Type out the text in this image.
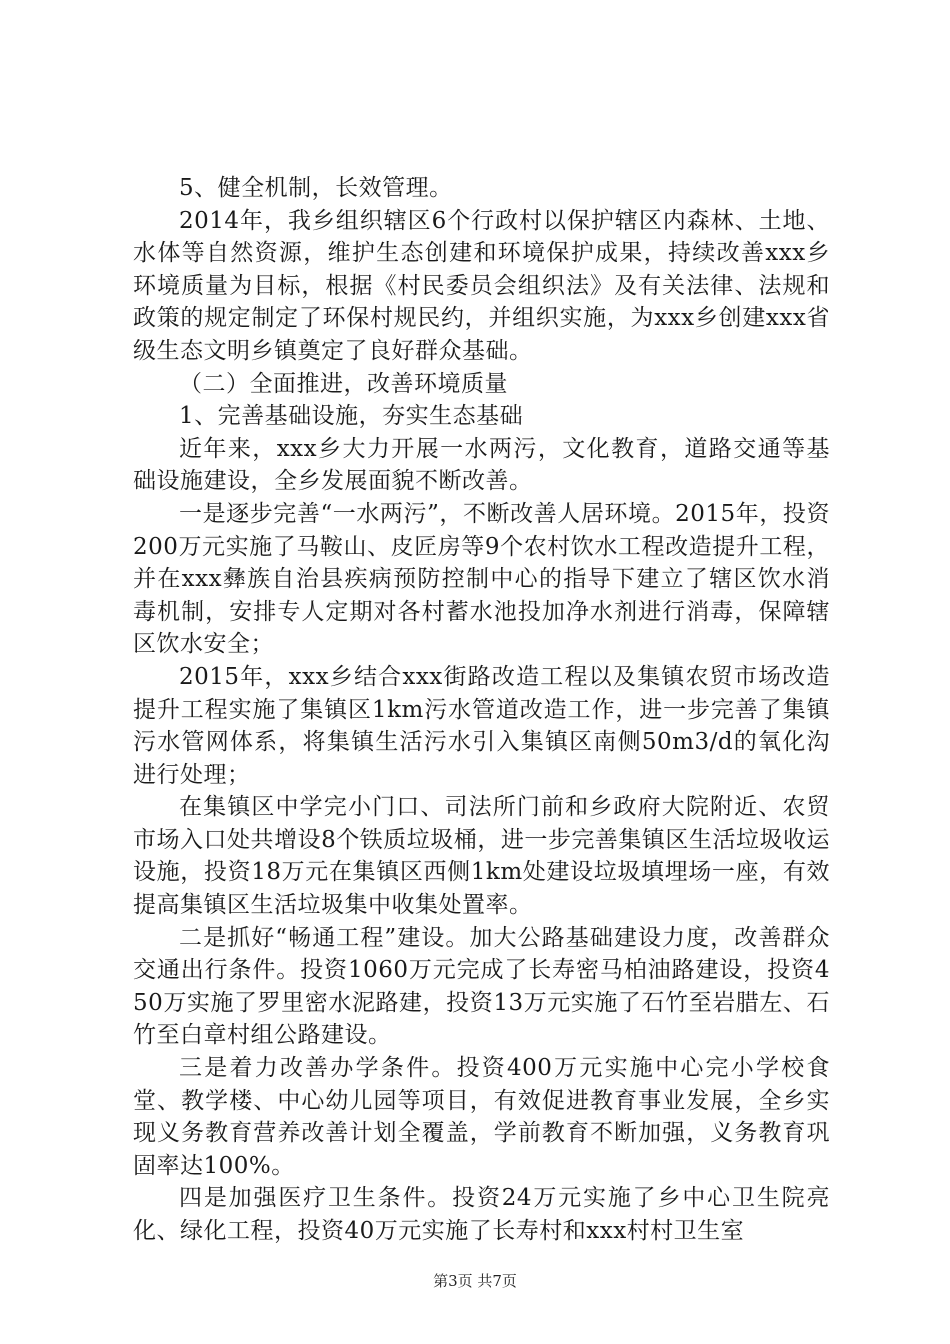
5、健全机制，长效管理。

2014年，我乡组织辖区6个行政村以保护辖区内森林、土地、水体等自然资源，维护生态创建和环境保护成果，持续改善xxx乡环境质量为目标，根据《村民委员会组织法》及有关法律、法规和政策的规定制定了环保村规民约，并组织实施，为xxx乡创建xxx省级生态文明乡镇奠定了良好群众基础。

（二）全面推进，改善环境质量

1、完善基础设施，夯实生态基础

近年来，xxx乡大力开展一水两污，文化教育，道路交通等基础设施建设，全乡发展面貌不断改善。

一是逐步完善“一水两污”，不断改善人居环境。2015年，投资200万元实施了马鞍山、皮匠房等9个农村饮水工程改造提升工程，并在xxx彝族自治县疾病预防控制中心的指导下建立了辖区饮水消毒机制，安排专人定期对各村蓄水池投加净水剂进行消毒，保障辖区饮水安全；

2015年，xxx乡结合xxx街路改造工程以及集镇农贸市场改造提升工程实施了集镇区1km污水管道改造工作，进一步完善了集镇污水管网体系，将集镇生活污水引入集镇区南侧50m3/d的氧化沟进行处理；

在集镇区中学完小门口、司法所门前和乡政府大院附近、农贸市场入口处共增设8个铁质垃圾桶，进一步完善集镇区生活垃圾收运设施，投资18万元在集镇区西侧1km处建设垃圾填埋场一座，有效提高集镇区生活垃圾集中收集处置率。

二是抓好“畅通工程”建设。加大公路基础建设力度，改善群众交通出行条件。投资1060万元完成了长寿密马柏油路建设，投资450万实施了罗里密水泥路建，投资13万元实施了石竹至岩腊左、石竹至白章村组公路建设。

三是着力改善办学条件。投资400万元实施中心完小学校食堂、教学楼、中心幼儿园等项目，有效促进教育事业发展，全乡实现义务教育营养改善计划全覆盖，学前教育不断加强，义务教育巩固率达100%。

四是加强医疗卫生条件。投资24万元实施了乡中心卫生院亮化、绿化工程，投资40万元实施了长寿村和xxx村村卫生室

第3页 共7页
